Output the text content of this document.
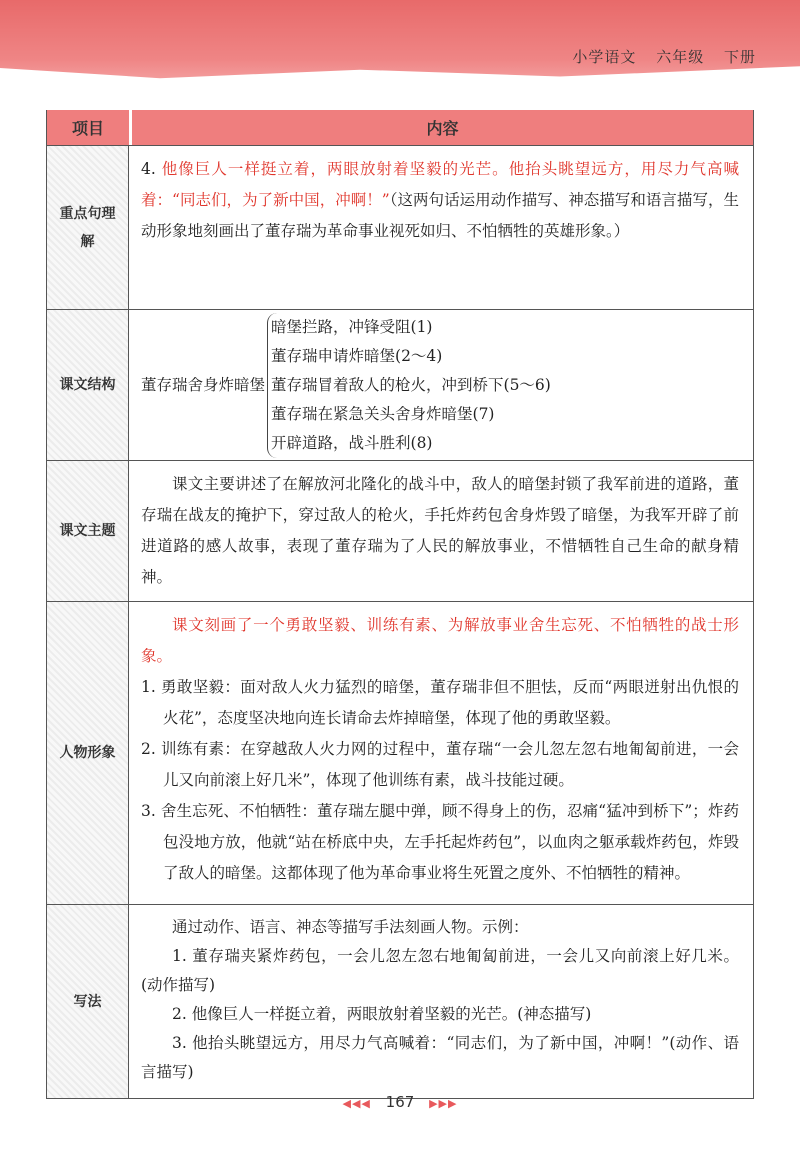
小学语文 六年级 下册
项目	内容
重点句理解
4. 他像巨人一样挺立着，两眼放射着坚毅的光芒。他抬头眺望远方，用尽力气高喊着：“同志们，为了新中国，冲啊！”（这两句话运用动作描写、神态描写和语言描写，生动形象地刻画出了董存瑞为革命事业视死如归、不怕牺牲的英雄形象。）
课文结构	董存瑞舍身炸暗堡
暗堡拦路，冲锋受阻(1)
董存瑞申请炸暗堡(2～4)
董存瑞冒着敌人的枪火，冲到桥下(5～6)
董存瑞在紧急关头舍身炸暗堡(7)
开辟道路，战斗胜利(8)
课文主题
课文主要讲述了在解放河北隆化的战斗中，敌人的暗堡封锁了我军前进的道路，董存瑞在战友的掩护下，穿过敌人的枪火，手托炸药包舍身炸毁了暗堡，为我军开辟了前进道路的感人故事，表现了董存瑞为了人民的解放事业，不惜牺牲自己生命的献身精神。
人物形象
课文刻画了一个勇敢坚毅、训练有素、为解放事业舍生忘死、不怕牺牲的战士形象。
1. 勇敢坚毅：面对敌人火力猛烈的暗堡，董存瑞非但不胆怯，反而“两眼迸射出仇恨的火花”，态度坚决地向连长请命去炸掉暗堡，体现了他的勇敢坚毅。
2. 训练有素：在穿越敌人火力网的过程中，董存瑞“一会儿忽左忽右地匍匐前进，一会儿又向前滚上好几米”，体现了他训练有素，战斗技能过硬。
3. 舍生忘死、不怕牺牲：董存瑞左腿中弹，顾不得身上的伤，忍痛“猛冲到桥下”；炸药包没地方放，他就“站在桥底中央，左手托起炸药包”，以血肉之躯承载炸药包，炸毁了敌人的暗堡。这都体现了他为革命事业将生死置之度外、不怕牺牲的精神。
写法
通过动作、语言、神态等描写手法刻画人物。示例：
1. 董存瑞夹紧炸药包，一会儿忽左忽右地匍匐前进，一会儿又向前滚上好几米。(动作描写)
2. 他像巨人一样挺立着，两眼放射着坚毅的光芒。(神态描写)
3. 他抬头眺望远方，用尽力气高喊着：“同志们，为了新中国，冲啊！”(动作、语言描写)
◀◀◀ 167 ▶▶▶
